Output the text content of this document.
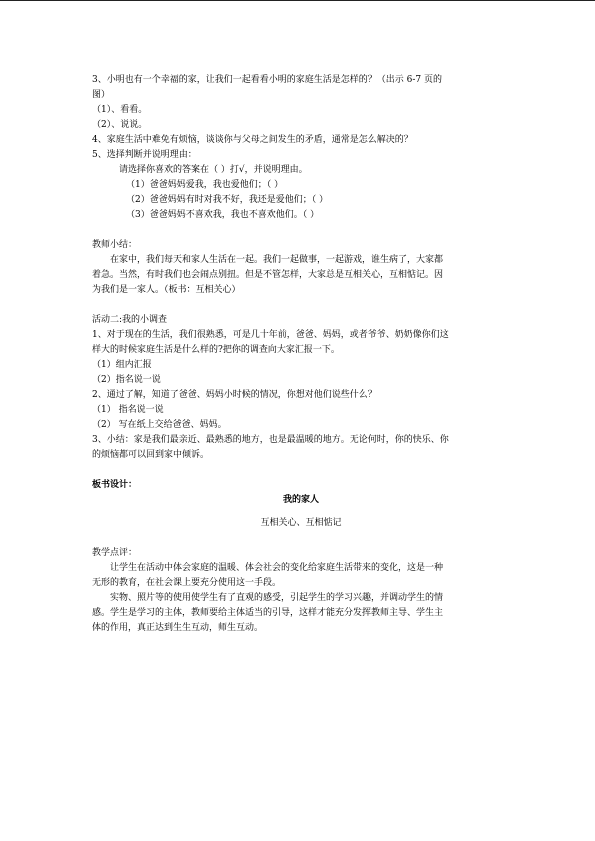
3、小明也有一个幸福的家，让我们一起看看小明的家庭生活是怎样的？（出示 6-7 页的
图）
（1）、看看。
（2）、说说。
4、家庭生活中难免有烦恼，谈谈你与父母之间发生的矛盾，通常是怎么解决的？
5、选择判断并说明理由：
请选择你喜欢的答案在（ ）打√，并说明理由。
（1）爸爸妈妈爱我，我也爱他们；（ ）
（2）爸爸妈妈有时对我不好，我还是爱他们；（ ）
（3）爸爸妈妈不喜欢我，我也不喜欢他们。（ ）
教师小结：
在家中，我们每天和家人生活在一起。我们一起做事，一起游戏，谁生病了，大家都
着急。当然，有时我们也会闹点别扭。但是不管怎样，大家总是互相关心，互相惦记。因
为我们是一家人。（板书：互相关心）
活动二:我的小调查
1、对于现在的生活，我们很熟悉，可是几十年前，爸爸、妈妈，或者爷爷、奶奶像你们这
样大的时候家庭生活是什么样的?把你的调查向大家汇报一下。
（1）组内汇报
（2）指名说一说
2、通过了解，知道了爸爸、妈妈小时候的情况，你想对他们说些什么？
（1） 指名说一说
（2） 写在纸上交给爸爸、妈妈。
3、小结：家是我们最亲近、最熟悉的地方，也是最温暖的地方。无论何时，你的快乐、你
的烦恼都可以回到家中倾诉。
板书设计：
我的家人
互相关心、互相惦记
教学点评：
让学生在活动中体会家庭的温暖、体会社会的变化给家庭生活带来的变化，这是一种
无形的教育，在社会课上要充分使用这一手段。
实物、照片等的使用使学生有了直观的感受，引起学生的学习兴趣，并调动学生的情
感。学生是学习的主体，教师要给主体适当的引导，这样才能充分发挥教师主导、学生主
体的作用，真正达到生生互动，师生互动。
